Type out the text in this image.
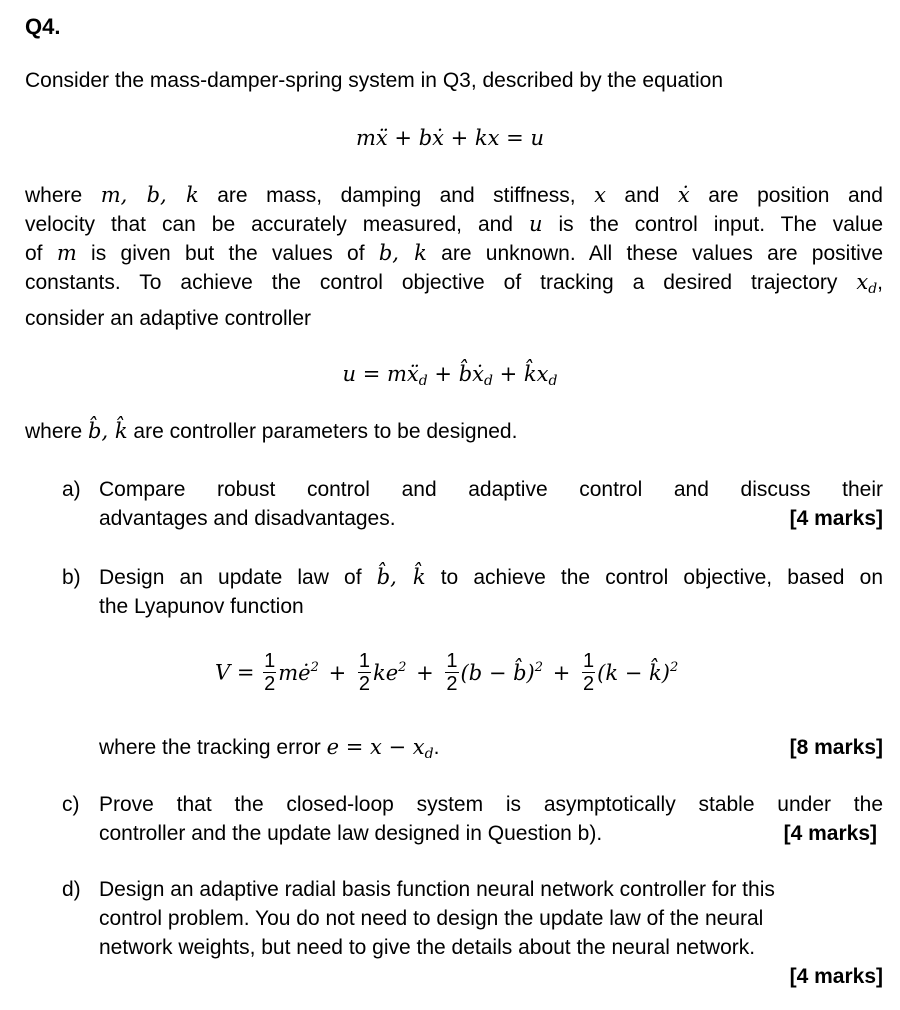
Q4.
Consider the mass-damper-spring system in Q3, described by the equation
mẍ + bẋ + kx = u
where m, b, k are mass, damping and stiffness, x and ẋ are position and
velocity that can be accurately measured, and u is the control input. The value
of m is given but the values of b, k are unknown. All these values are positive
constants. To achieve the control objective of tracking a desired trajectory $x_d$,
consider an adaptive controller
u = mẍ$_d$ + b̂ẋ$_d$ + $k̂x_d$
where b̂, k̂ are controller parameters to be designed.
a) Compare robust control and adaptive control and discuss their
advantages and disadvantages.	[4 marks]
b) Design an update law of b̂, k̂ to achieve the control objective, based on
the Lyapunov function
$V = \frac{1}{2}$ $mė^2 + \frac{1}{2} ke^2 + \frac{1}{2} (b$ − b̂)$^2$ + $\frac{1}{2} (k$ − k̂)$^2$
where the tracking error $e = x - x_d$.	[8 marks]
c) Prove that the closed-loop system is asymptotically stable under the
controller and the update law designed in Question b).	[4 marks]
d) Design an adaptive radial basis function neural network controller for this
control problem. You do not need to design the update law of the neural
network weights, but need to give the details about the neural network.
[4 marks]
